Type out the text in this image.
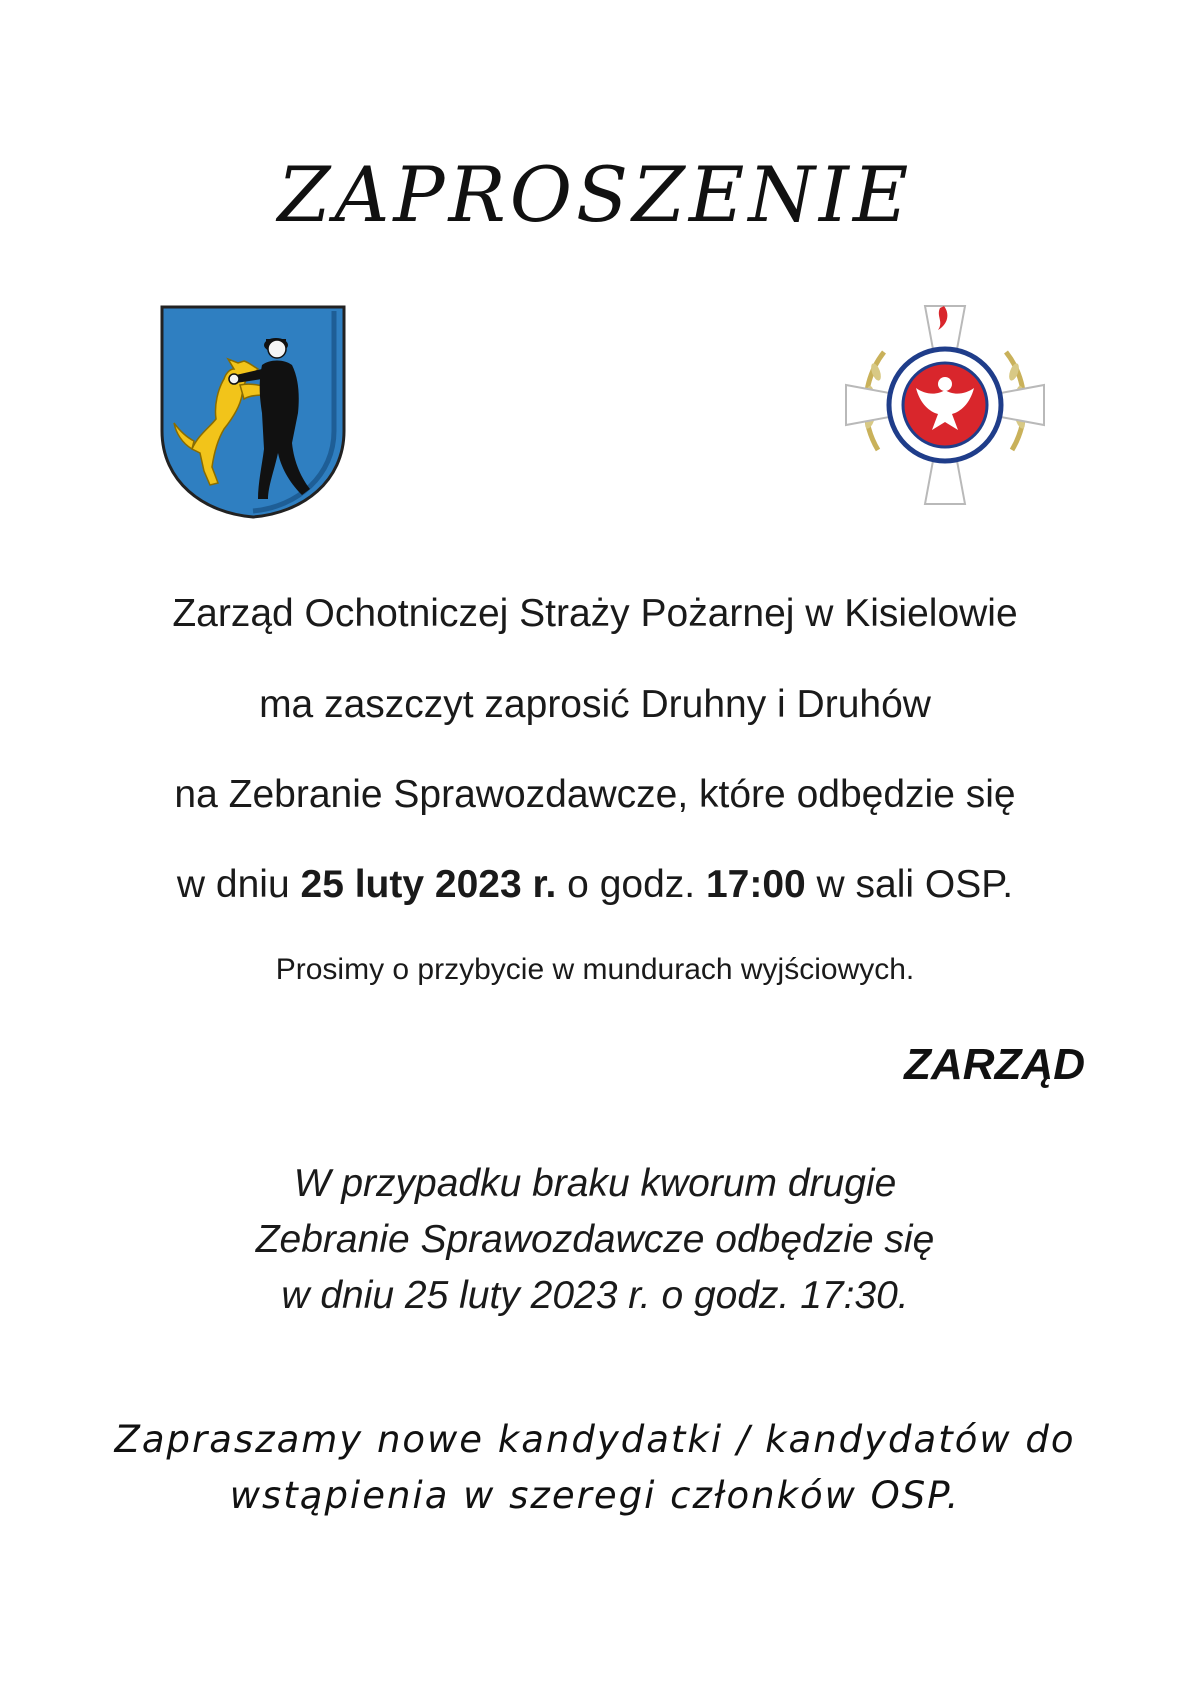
ZAPROSZENIE
Zarząd Ochotniczej Straży Pożarnej w Kisielowie
ma zaszczyt zaprosić Druhny i Druhów
na Zebranie Sprawozdawcze, które odbędzie się
w dniu 25 luty 2023 r. o godz. 17:00 w sali OSP.
Prosimy o przybycie w mundurach wyjściowych.
ZARZĄD
W przypadku braku kworum drugie
Zebranie Sprawozdawcze odbędzie się
w dniu 25 luty 2023 r. o godz. 17:30.
Zapraszamy nowe kandydatki / kandydatów do
wstąpienia w szeregi członków OSP.
